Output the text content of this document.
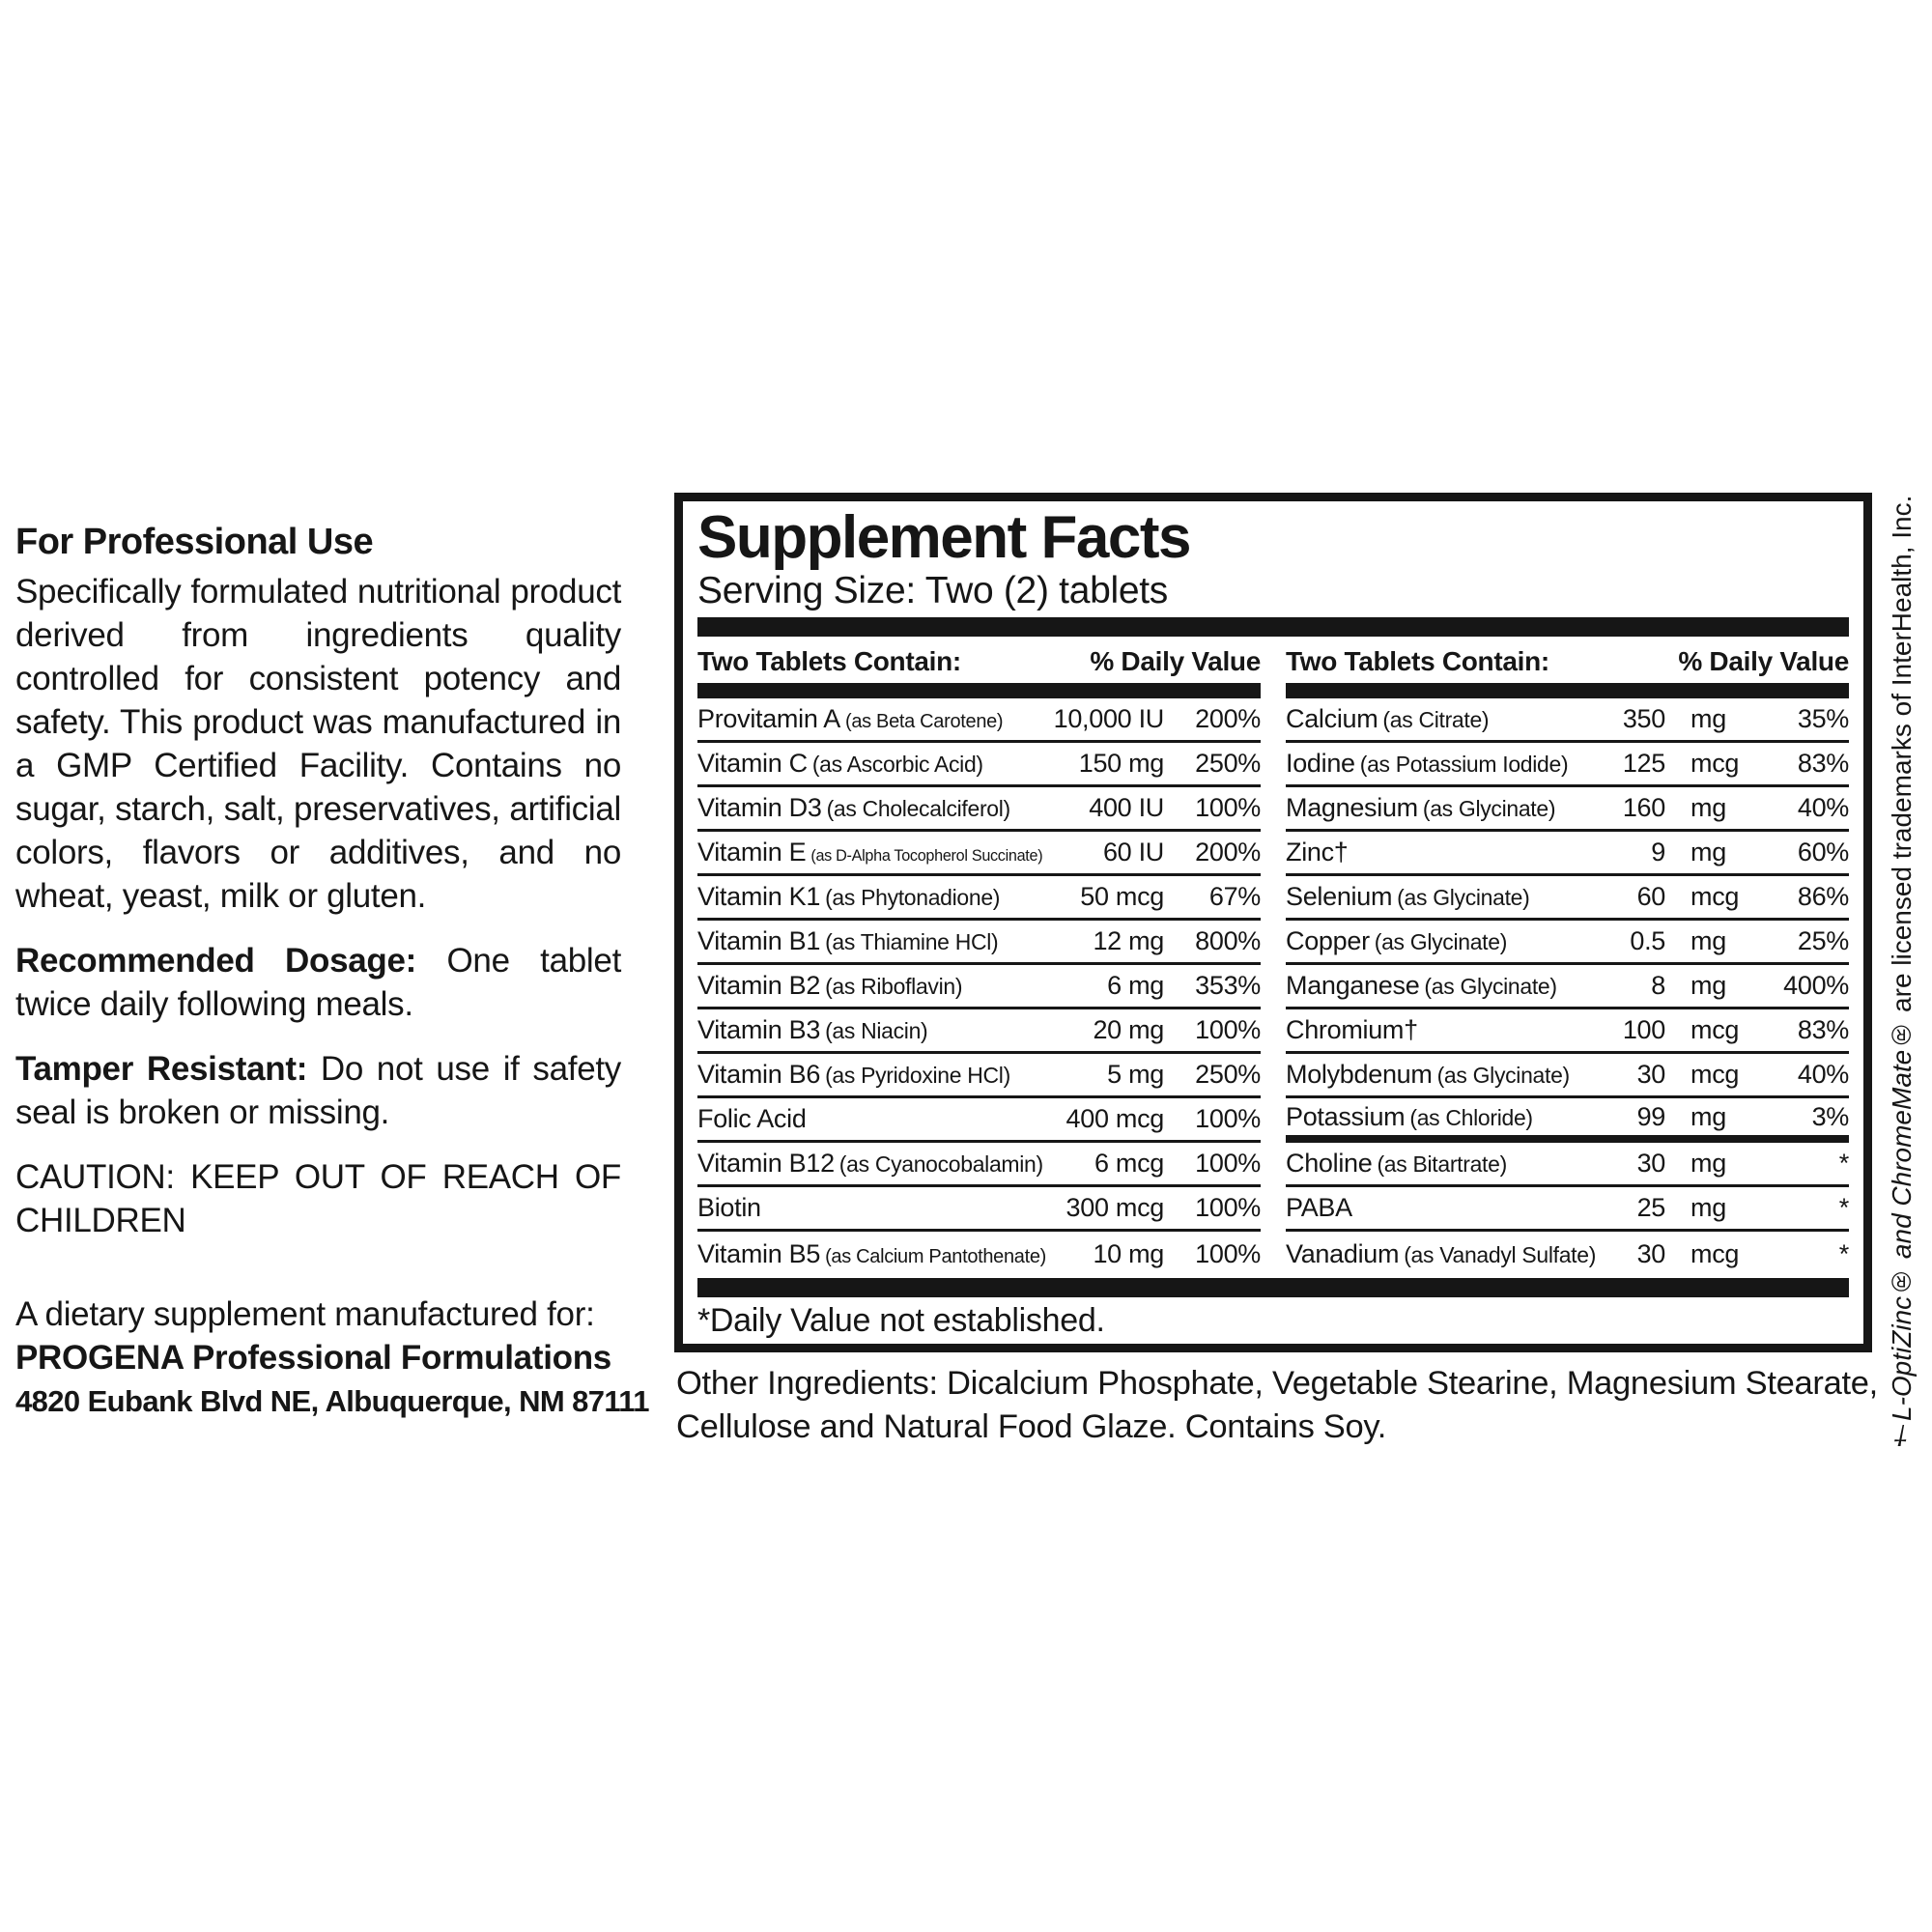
For Professional Use

Specifically formulated nutritional product derived from ingredients quality controlled for consistent potency and safety. This product was manufactured in a GMP Certified Facility. Contains no sugar, starch, salt, preservatives, artificial colors, flavors or additives, and no wheat, yeast, milk or gluten.

Recommended Dosage: One tablet twice daily following meals.

Tamper Resistant: Do not use if safety seal is broken or missing.

CAUTION: KEEP OUT OF REACH OF CHILDREN

A dietary supplement manufactured for:

PROGENA Professional Formulations

4820 Eubank Blvd NE, Albuquerque, NM 87111

Supplement Facts
Serving Size: Two (2) tablets
Two Tablets Contain:	% Daily Value
Provitamin A (as Beta Carotene)	10,000 IU	200%
Vitamin C (as Ascorbic Acid)	150 mg	250%
Vitamin D3 (as Cholecalciferol)	400 IU	100%
Vitamin E (as D-Alpha Tocopherol Succinate)	60 IU	200%
Vitamin K1 (as Phytonadione)	50 mcg	67%
Vitamin B1 (as Thiamine HCl)	12 mg	800%
Vitamin B2 (as Riboflavin)	6 mg	353%
Vitamin B3 (as Niacin)	20 mg	100%
Vitamin B6 (as Pyridoxine HCl)	5 mg	250%
Folic Acid	400 mcg	100%
Vitamin B12 (as Cyanocobalamin)	6 mcg	100%
Biotin	300 mcg	100%
Vitamin B5 (as Calcium Pantothenate)	10 mg	100%
Two Tablets Contain:	% Daily Value
Calcium (as Citrate)	350 mg	35%
Iodine (as Potassium Iodide)	125 mcg	83%
Magnesium (as Glycinate)	160 mg	40%
Zinc†	9 mg	60%
Selenium (as Glycinate)	60 mcg	86%
Copper (as Glycinate)	0.5 mg	25%
Manganese (as Glycinate)	8 mg	400%
Chromium†	100 mcg	83%
Molybdenum (as Glycinate)	30 mcg	40%
Potassium (as Chloride)	99 mg	3%
Choline (as Bitartrate)	30 mg	*
PABA	25 mg	*
Vanadium (as Vanadyl Sulfate)	30 mcg	*
*Daily Value not established.

Other Ingredients: Dicalcium Phosphate, Vegetable Stearine, Magnesium Stearate, Cellulose and Natural Food Glaze. Contains Soy.	†L-OptiZinc® and ChromeMate® are licensed trademarks of InterHealth, Inc.
